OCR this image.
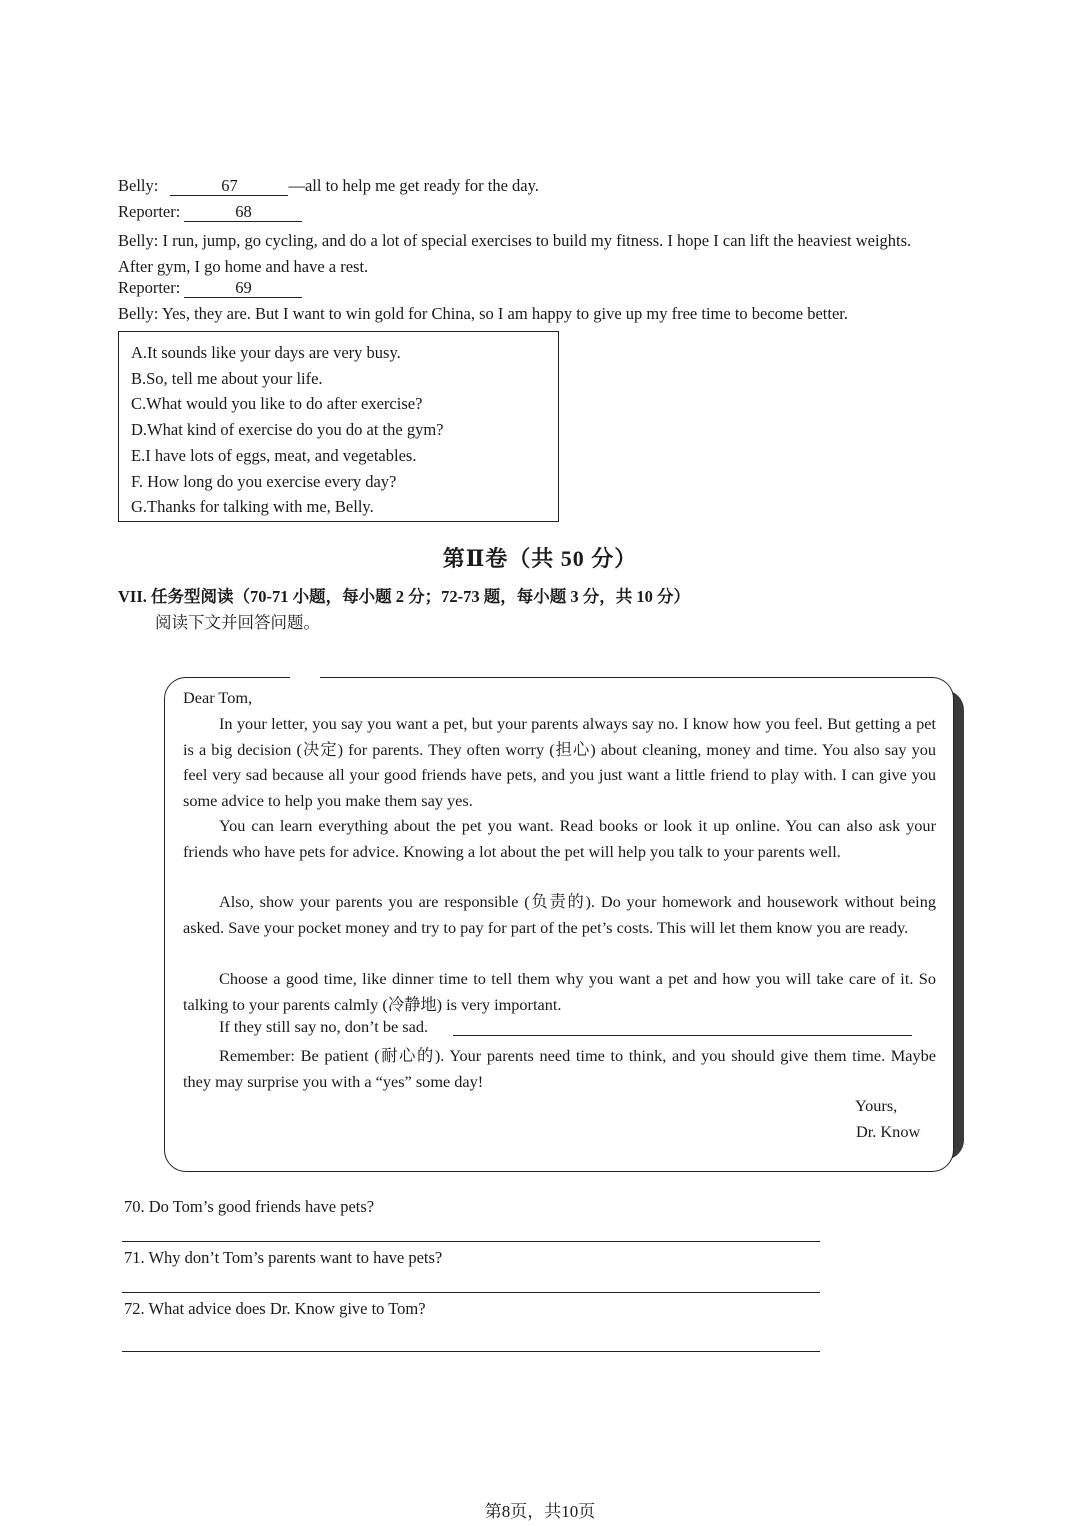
Belly:	67	—all to help me get ready for the day.
Reporter:	68
Belly: I run, jump, go cycling, and do a lot of special exercises to build my fitness. I hope I can lift the heaviest weights. After gym, I go home and have a rest.
Reporter:	69
Belly: Yes, they are. But I want to win gold for China, so I am happy to give up my free time to become better.
A.It sounds like your days are very busy.
B.So, tell me about your life.
C.What would you like to do after exercise?
D.What kind of exercise do you do at the gym?
E.I have lots of eggs, meat, and vegetables.
F. How long do you exercise every day?
G.Thanks for talking with me, Belly.
第Ⅱ卷（共 50 分）
VII. 任务型阅读（70-71 小题，每小题 2 分；72-73 题，每小题 3 分，共 10 分）
阅读下文并回答问题。
Dear Tom,
In your letter, you say you want a pet, but your parents always say no. I know how you feel. But getting a pet is a big decision (决定) for parents. They often worry (担心) about cleaning, money and time. You also say you feel very sad because all your good friends have pets, and you just want a little friend to play with. I can give you some advice to help you make them say yes.
You can learn everything about the pet you want. Read books or look it up online. You can also ask your friends who have pets for advice. Knowing a lot about the pet will help you talk to your parents well.
Also, show your parents you are responsible (负责的). Do your homework and housework without being asked. Save your pocket money and try to pay for part of the pet’s costs. This will let them know you are ready.
Choose a good time, like dinner time to tell them why you want a pet and how you will take care of it. So talking to your parents calmly (冷静地) is very important.
If they still say no, don’t be sad.
Remember: Be patient (耐心的). Your parents need time to think, and you should give them time. Maybe they may surprise you with a “yes” some day!
Yours,
Dr. Know
70. Do Tom’s good friends have pets?
71. Why don’t Tom’s parents want to have pets?
72. What advice does Dr. Know give to Tom?
第8页，共10页
